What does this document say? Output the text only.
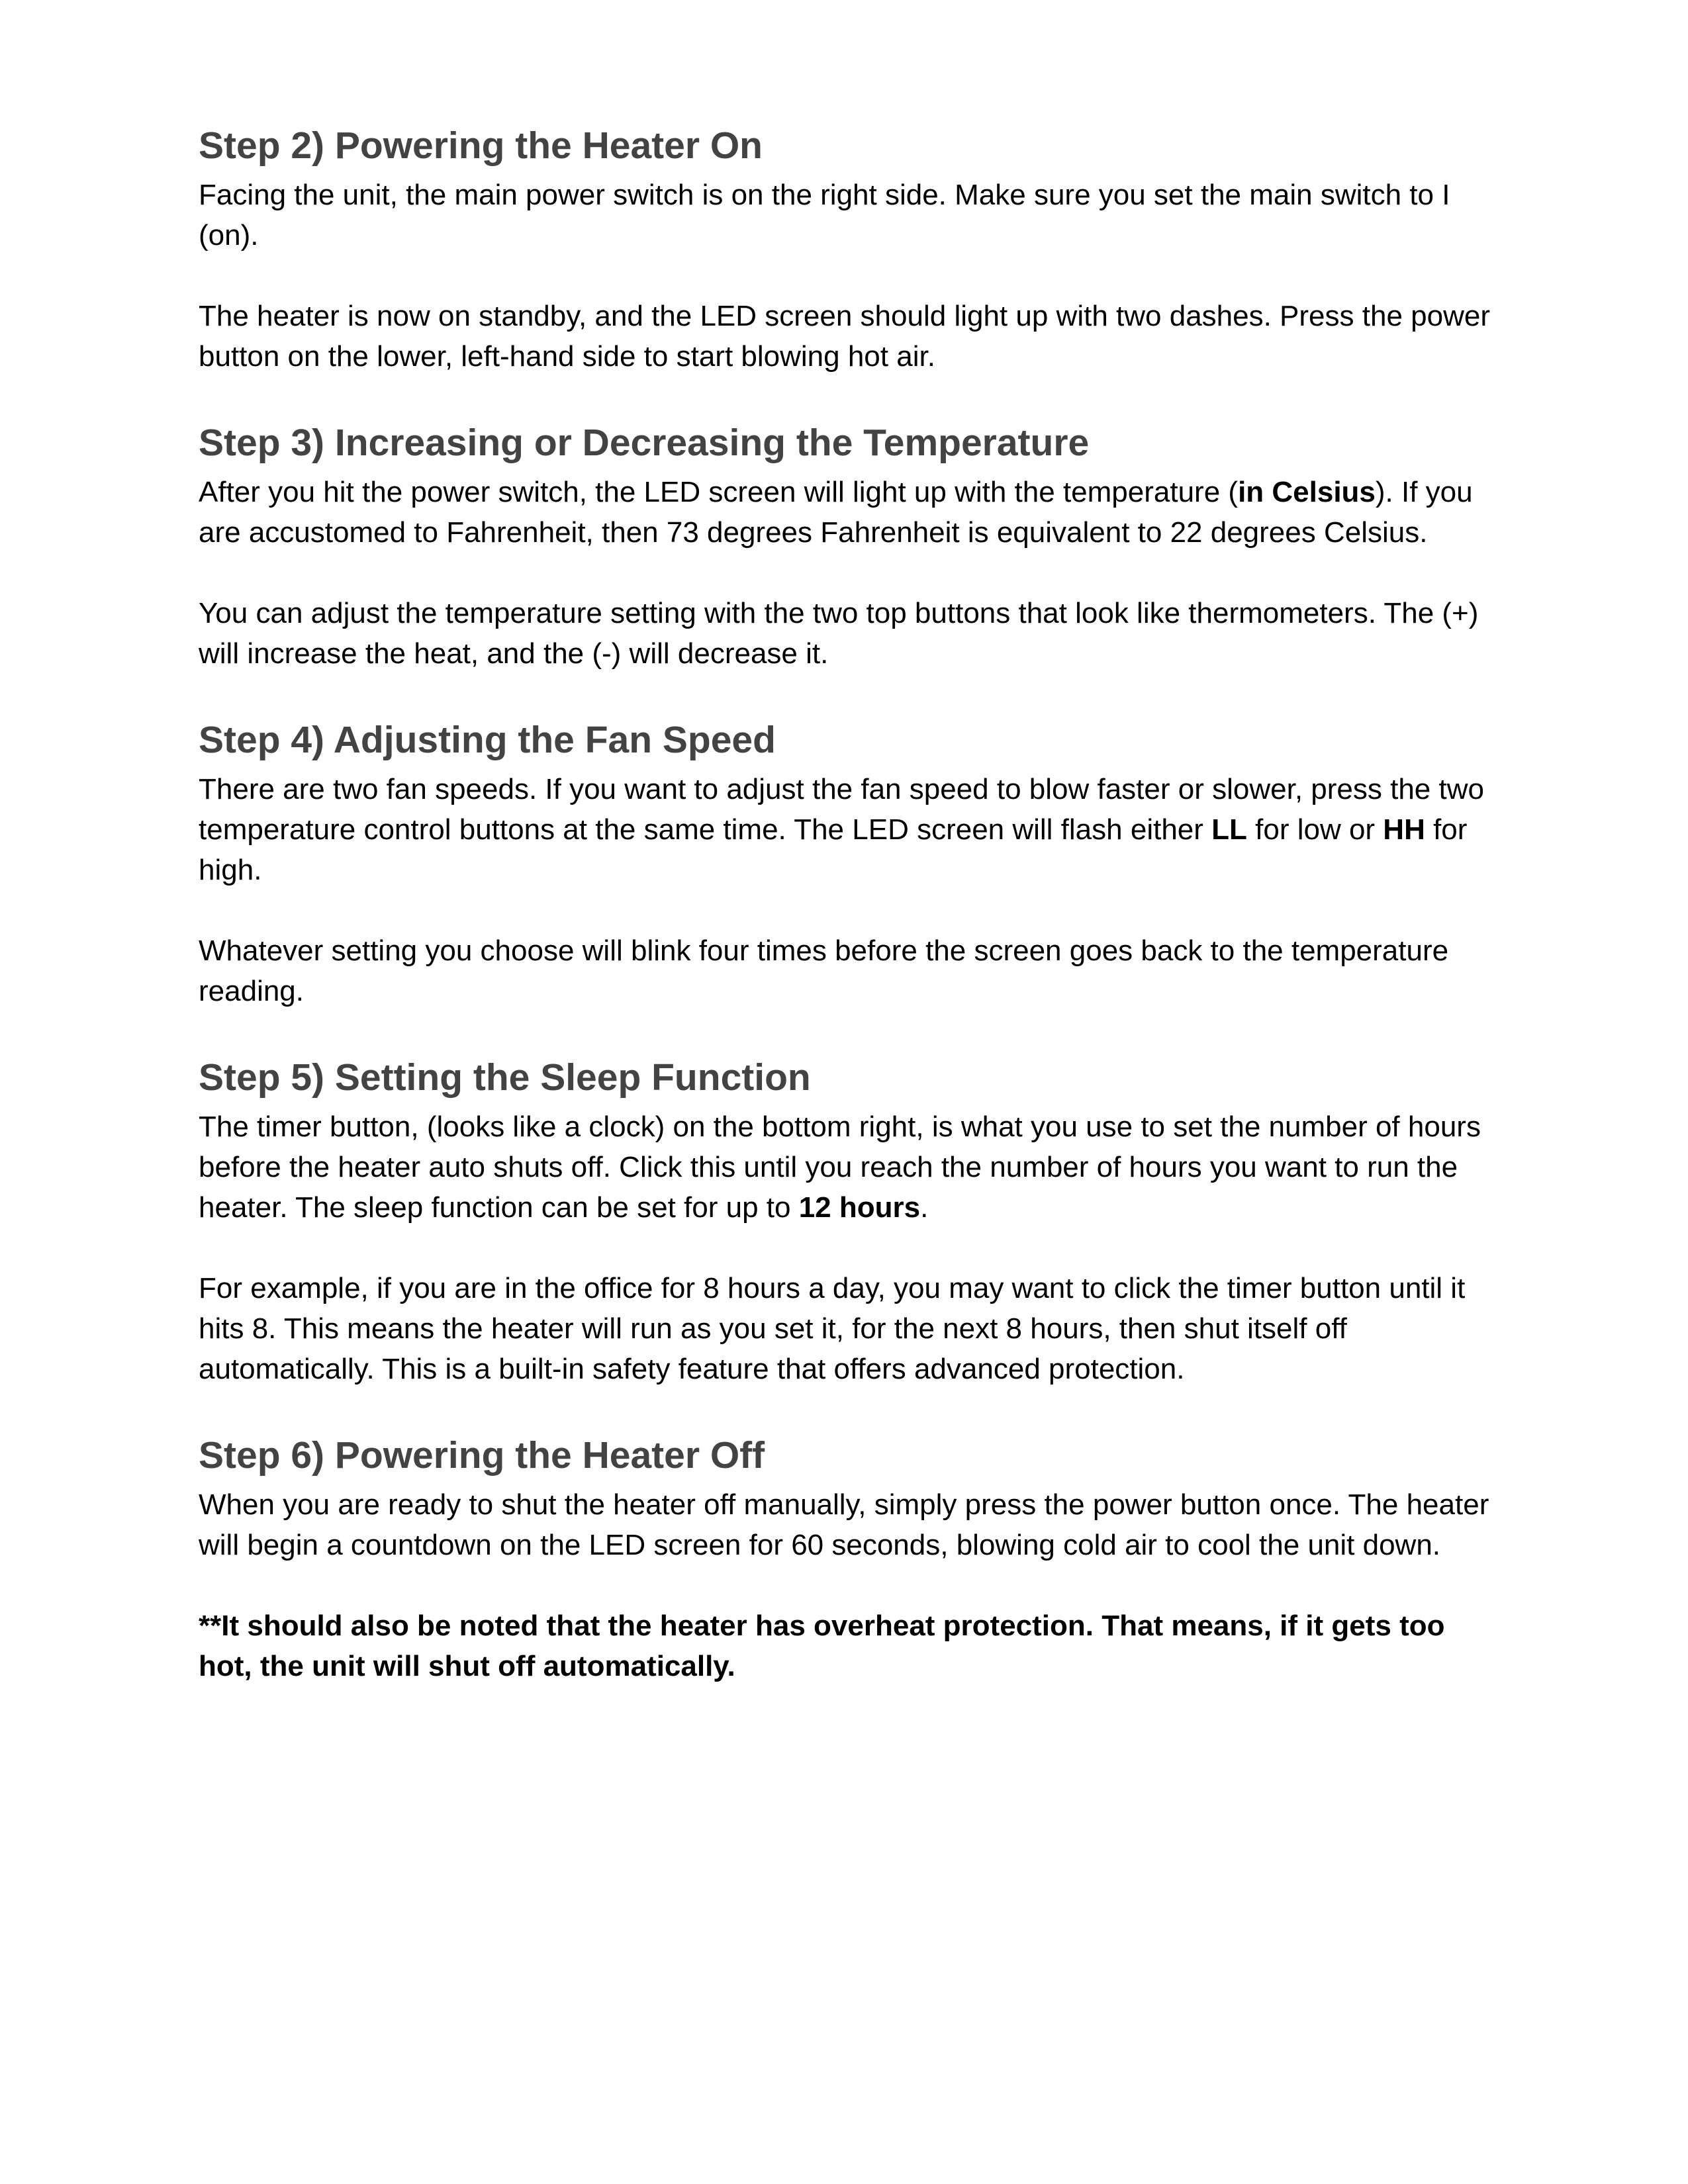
Step 2) Powering the Heater On

Facing the unit, the main power switch is on the right side. Make sure you set the main switch to I (on).

The heater is now on standby, and the LED screen should light up with two dashes. Press the power button on the lower, left-hand side to start blowing hot air.

Step 3) Increasing or Decreasing the Temperature

After you hit the power switch, the LED screen will light up with the temperature (in Celsius). If you are accustomed to Fahrenheit, then 73 degrees Fahrenheit is equivalent to 22 degrees Celsius.

You can adjust the temperature setting with the two top buttons that look like thermometers. The (+) will increase the heat, and the (-) will decrease it.

Step 4) Adjusting the Fan Speed

There are two fan speeds. If you want to adjust the fan speed to blow faster or slower, press the two temperature control buttons at the same time. The LED screen will flash either LL for low or HH for high.

Whatever setting you choose will blink four times before the screen goes back to the temperature reading.

Step 5) Setting the Sleep Function

The timer button, (looks like a clock) on the bottom right, is what you use to set the number of hours before the heater auto shuts off. Click this until you reach the number of hours you want to run the heater. The sleep function can be set for up to 12 hours.

For example, if you are in the office for 8 hours a day, you may want to click the timer button until it hits 8. This means the heater will run as you set it, for the next 8 hours, then shut itself off automatically. This is a built-in safety feature that offers advanced protection.

Step 6) Powering the Heater Off

When you are ready to shut the heater off manually, simply press the power button once. The heater will begin a countdown on the LED screen for 60 seconds, blowing cold air to cool the unit down.

**It should also be noted that the heater has overheat protection. That means, if it gets too hot, the unit will shut off automatically.
